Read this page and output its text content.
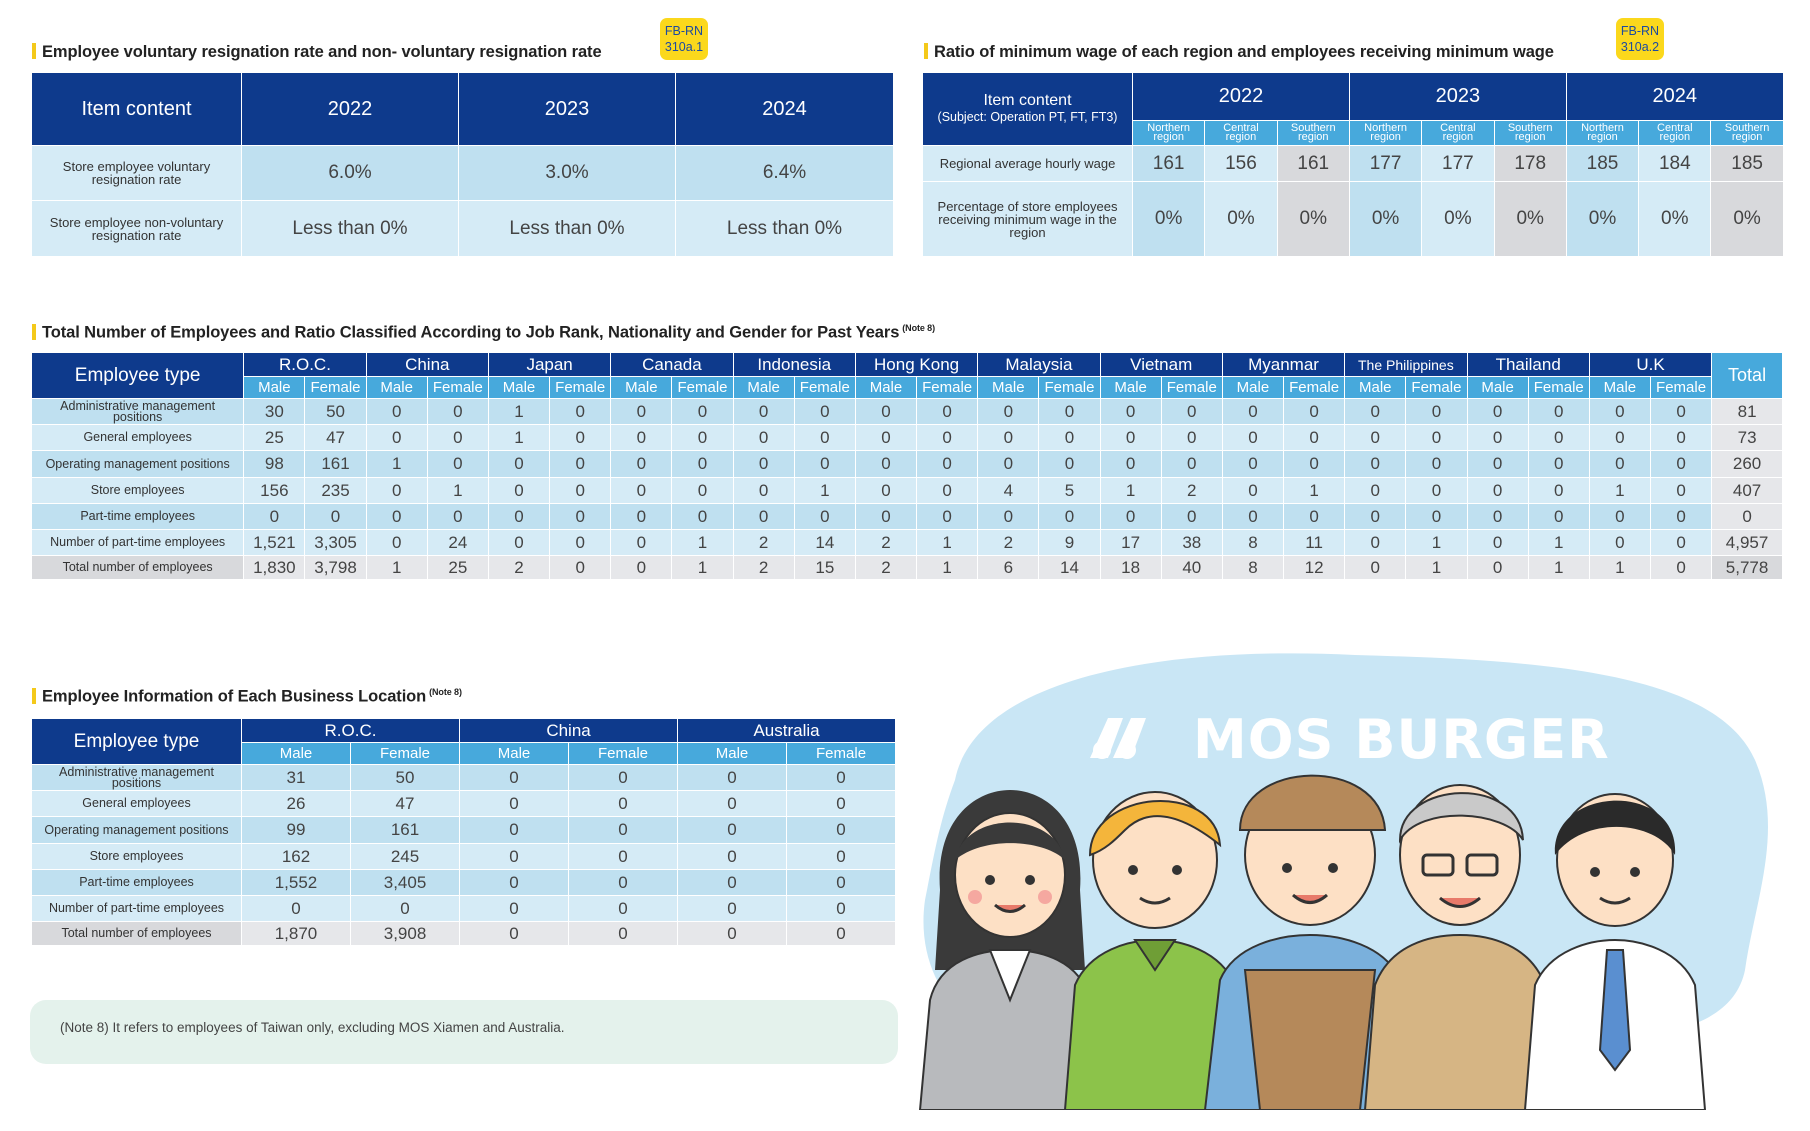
Employee voluntary resignation rate and non- voluntary resignation rate
FB-RN
310a.1
Item content	2022	2023	2024
Store employee voluntary resignation rate	6.0%	3.0%	6.4%
Store employee non-voluntary resignation rate	Less than 0%	Less than 0%	Less than 0%
Ratio of minimum wage of each region and employees receiving minimum wage
FB-RN
310a.2
Item content
(Subject: Operation PT, FT, FT3)	2022			2023			2024		
	Northern region	Central region	Southern region	Northern region	Central region	Southern region	Northern region	Central region	Southern region
Regional average hourly wage	161	156	161	177	177	178	185	184	185
Percentage of store employees receiving minimum wage in the region	0%	0%	0%	0%	0%	0%	0%	0%	0%
Total Number of Employees and Ratio Classified According to Job Rank, Nationality and Gender for Past Years $^{(Note 8)}$
Employee type	R.O.C.		China		Japan		Canada		Indonesia		Hong Kong		Malaysia		Vietnam		Myanmar		The Philippines		Thailand		U.K		Total
	Male	Female	Male	Female	Male	Female	Male	Female	Male	Female	Male	Female	Male	Female	Male	Female	Male	Female	Male	Female	Male	Female	Male	Female	
Administrative management positions	30	50	0	0	1	0	0	0	0	0	0	0	0	0	0	0	0	0	0	0	0	0	0	0	81
General employees	25	47	0	0	1	0	0	0	0	0	0	0	0	0	0	0	0	0	0	0	0	0	0	0	73
Operating management positions	98	161	1	0	0	0	0	0	0	0	0	0	0	0	0	0	0	0	0	0	0	0	0	0	260
Store employees	156	235	0	1	0	0	0	0	0	1	0	0	4	5	1	2	0	1	0	0	0	0	1	0	407
Part-time employees	0	0	0	0	0	0	0	0	0	0	0	0	0	0	0	0	0	0	0	0	0	0	0	0	0
Number of part-time employees	1,521	3,305	0	24	0	0	0	1	2	14	2	1	2	9	17	38	8	11	0	1	0	1	0	0	4,957
Total number of employees	1,830	3,798	1	25	2	0	0	1	2	15	2	1	6	14	18	40	8	12	0	1	0	1	1	0	5,778
Employee Information of Each Business Location $^{(Note 8)}$
Employee type	R.O.C.		China		Australia	
	Male	Female	Male	Female	Male	Female
Administrative management positions	31	50	0	0	0	0
General employees	26	47	0	0	0	0
Operating management positions	99	161	0	0	0	0
Store employees	162	245	0	0	0	0
Part-time employees	1,552	3,405	0	0	0	0
Number of part-time employees	0	0	0	0	0	0
Total number of employees	1,870	3,908	0	0	0	0
(Note 8) It refers to employees of Taiwan only, excluding MOS Xiamen and Australia.
MOS BURGER
